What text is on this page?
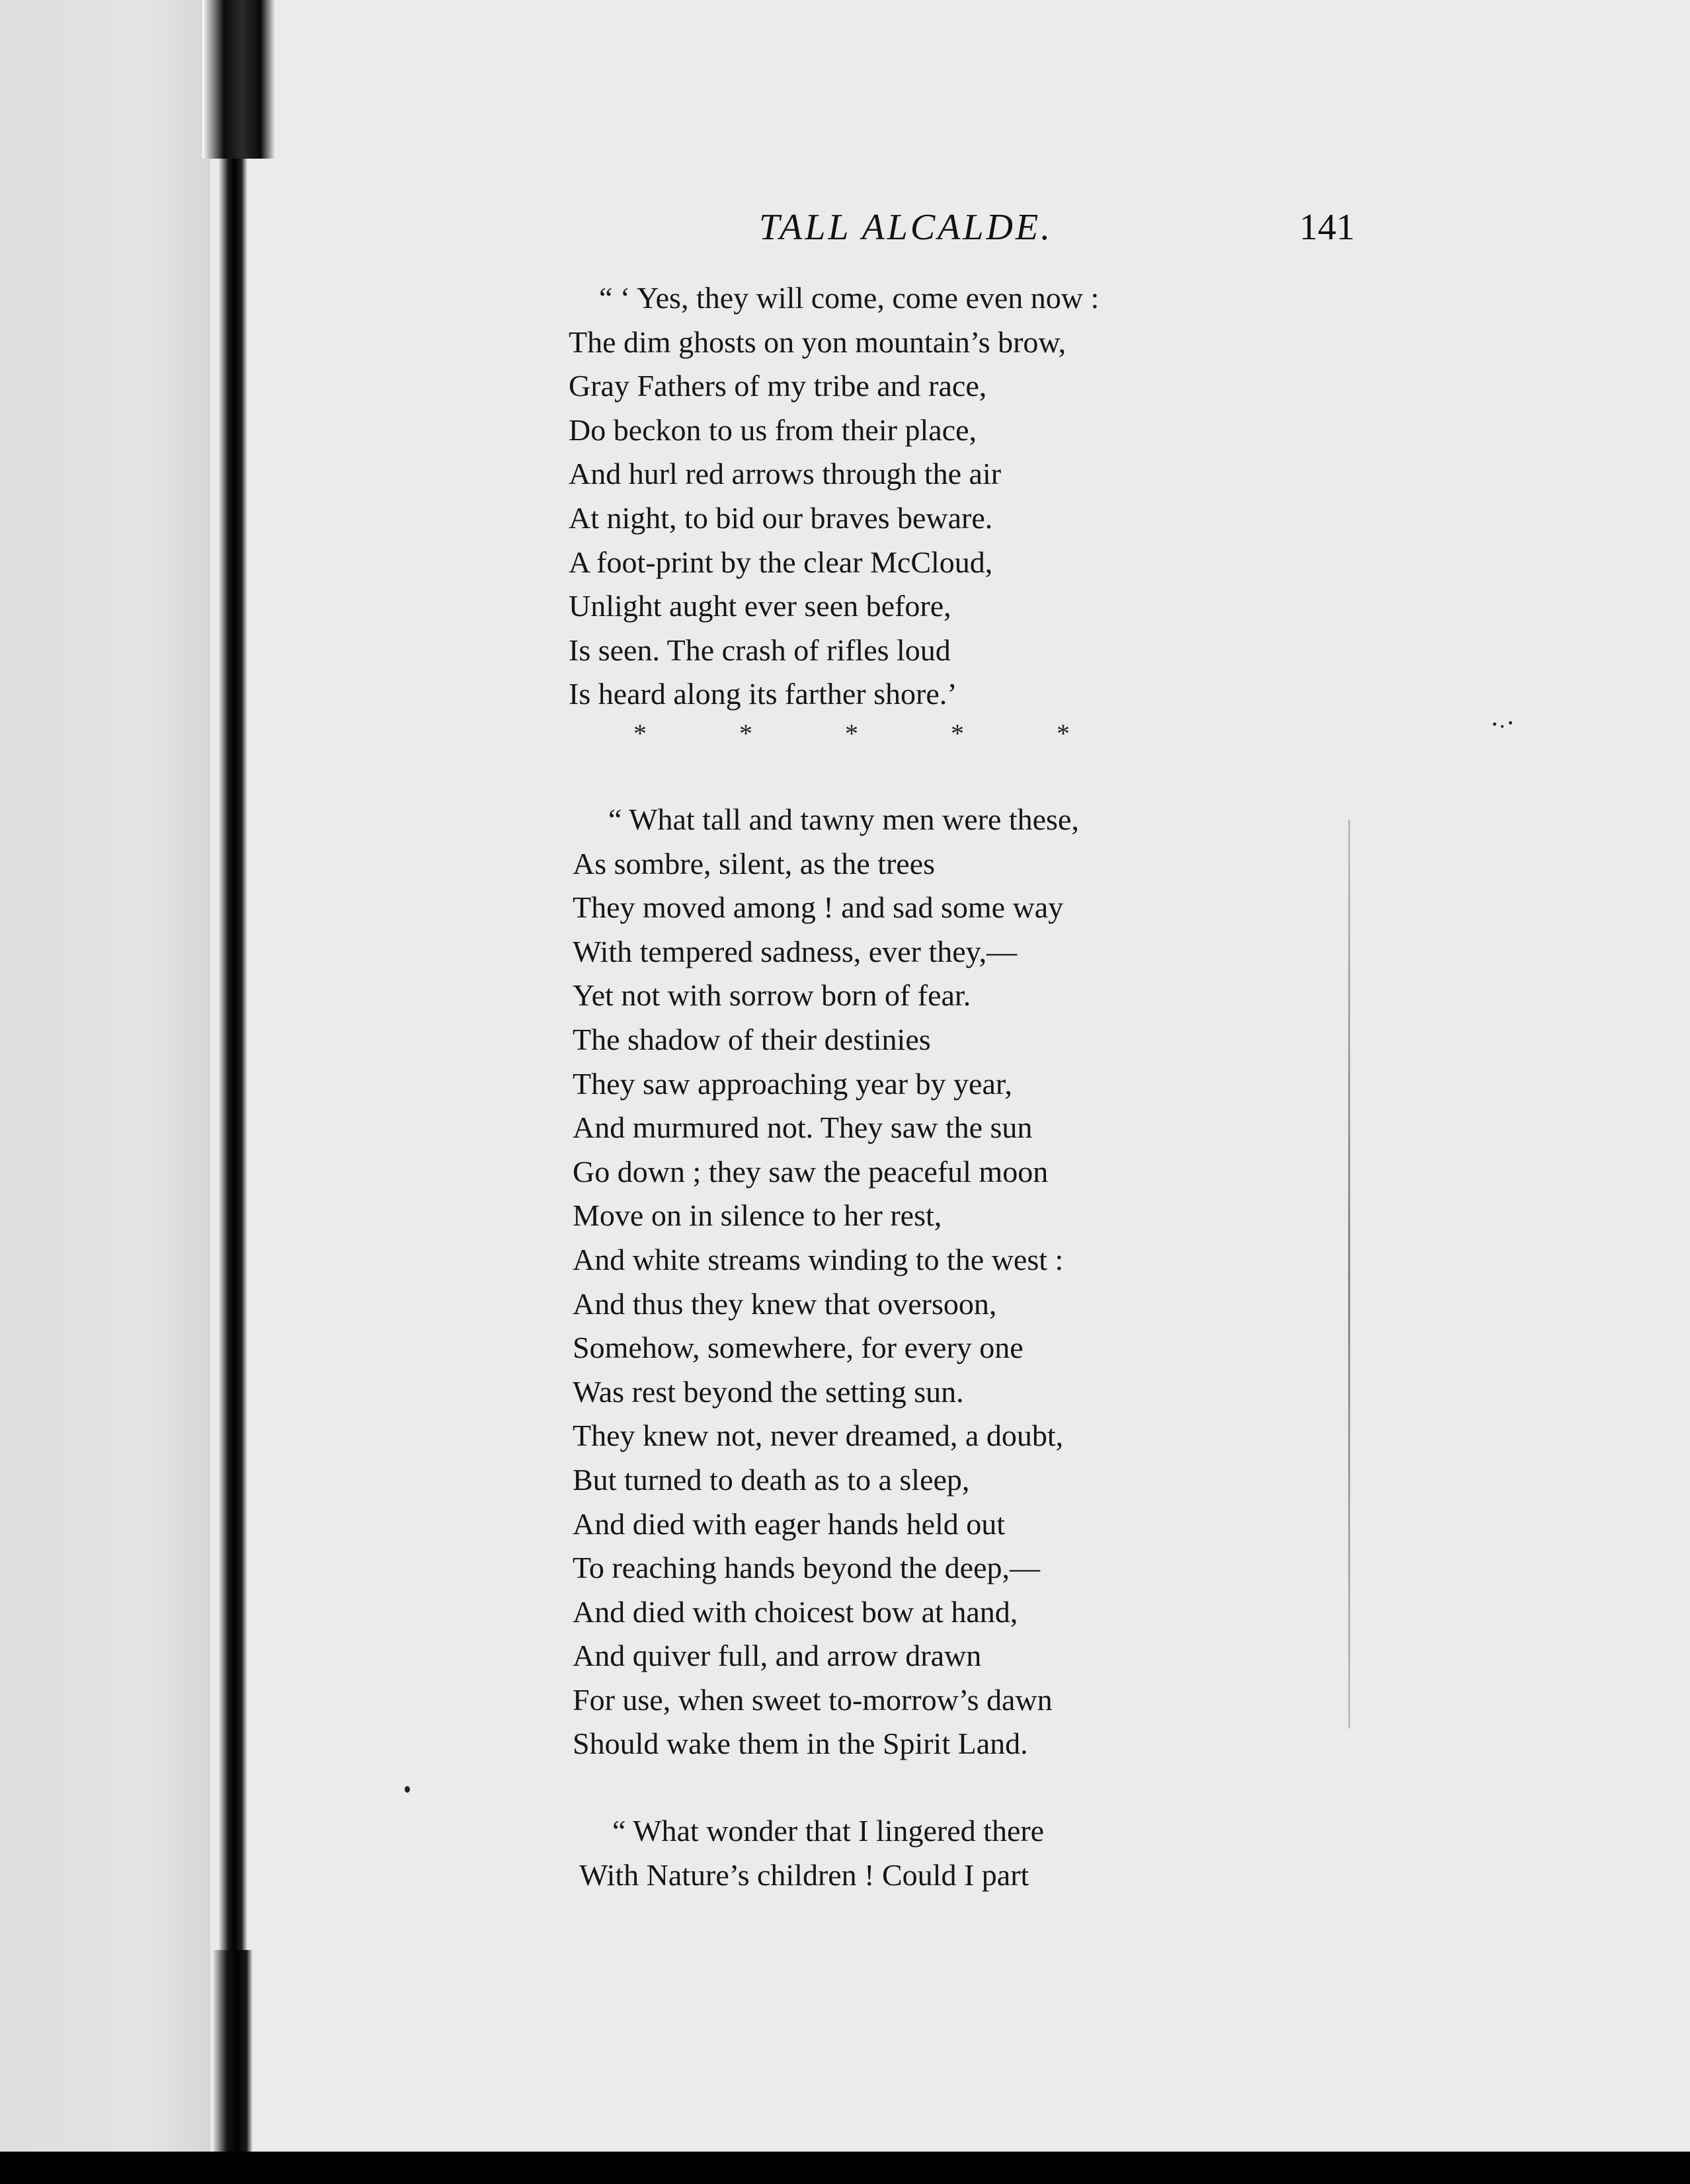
TALL ALCALDE.	141
“ ‘ Yes, they will come, come even now :
The dim ghosts on yon mountain’s brow,
Gray Fathers of my tribe and race,
Do beckon to us from their place,
And hurl red arrows through the air
At night, to bid our braves beware.
A foot-print by the clear McCloud,
Unlight aught ever seen before,
Is seen. The crash of rifles loud
Is heard along its farther shore.’
*	*	*	*	*
“ What tall and tawny men were these,
As sombre, silent, as the trees
They moved among ! and sad some way
With tempered sadness, ever they,—
Yet not with sorrow born of fear.
The shadow of their destinies
They saw approaching year by year,
And murmured not. They saw the sun
Go down ; they saw the peaceful moon
Move on in silence to her rest,
And white streams winding to the west :
And thus they knew that oversoon,
Somehow, somewhere, for every one
Was rest beyond the setting sun.
They knew not, never dreamed, a doubt,
But turned to death as to a sleep,
And died with eager hands held out
To reaching hands beyond the deep,—
And died with choicest bow at hand,
And quiver full, and arrow drawn
For use, when sweet to-morrow’s dawn
Should wake them in the Spirit Land.
“ What wonder that I lingered there
With Nature’s children ! Could I part
